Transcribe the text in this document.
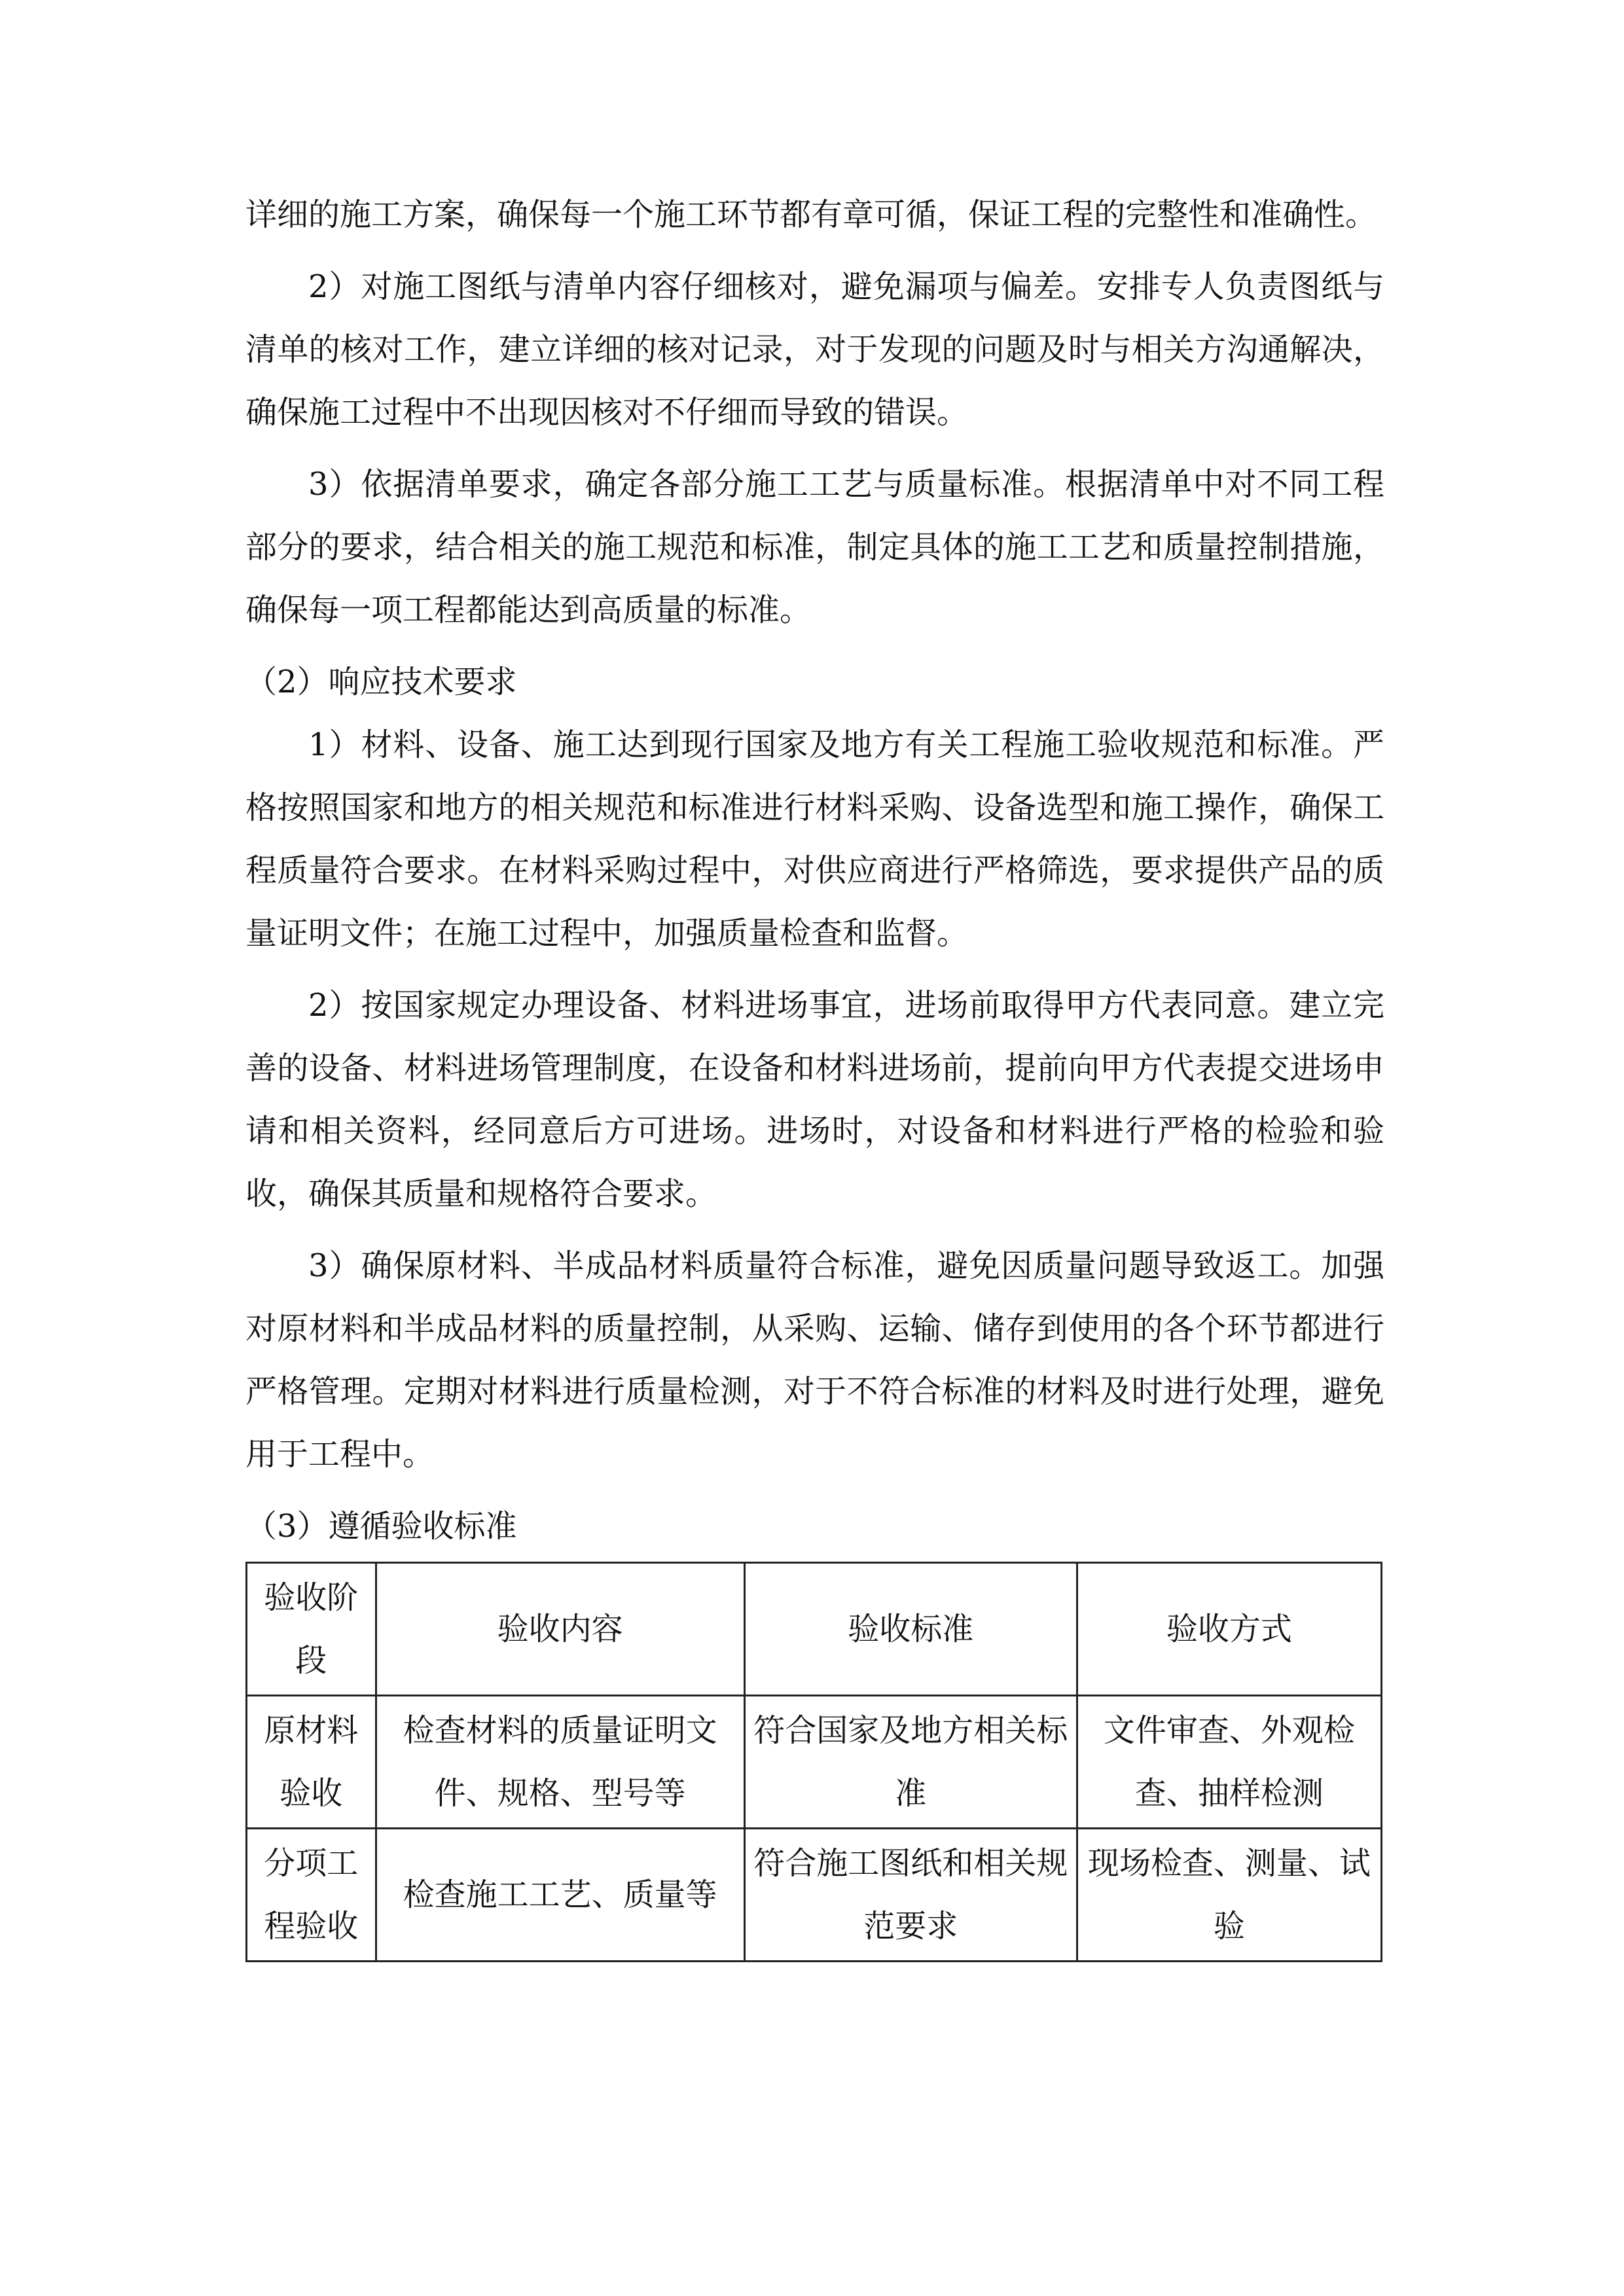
详细的施工方案，确保每一个施工环节都有章可循，保证工程的完整性和准确性。

2）对施工图纸与清单内容仔细核对，避免漏项与偏差。安排专人负责图纸与清单的核对工作，建立详细的核对记录，对于发现的问题及时与相关方沟通解决，确保施工过程中不出现因核对不仔细而导致的错误。

3）依据清单要求，确定各部分施工工艺与质量标准。根据清单中对不同工程部分的要求，结合相关的施工规范和标准，制定具体的施工工艺和质量控制措施，确保每一项工程都能达到高质量的标准。

（2）响应技术要求

1）材料、设备、施工达到现行国家及地方有关工程施工验收规范和标准。严格按照国家和地方的相关规范和标准进行材料采购、设备选型和施工操作，确保工程质量符合要求。在材料采购过程中，对供应商进行严格筛选，要求提供产品的质量证明文件；在施工过程中，加强质量检查和监督。

2）按国家规定办理设备、材料进场事宜，进场前取得甲方代表同意。建立完善的设备、材料进场管理制度，在设备和材料进场前，提前向甲方代表提交进场申请和相关资料，经同意后方可进场。进场时，对设备和材料进行严格的检验和验收，确保其质量和规格符合要求。

3）确保原材料、半成品材料质量符合标准，避免因质量问题导致返工。加强对原材料和半成品材料的质量控制，从采购、运输、储存到使用的各个环节都进行严格管理。定期对材料进行质量检测，对于不符合标准的材料及时进行处理，避免用于工程中。

（3）遵循验收标准

验收阶段	验收内容	验收标准	验收方式
原材料验收	检查材料的质量证明文件、规格、型号等	符合国家及地方相关标准	文件审查、外观检查、抽样检测
分项工程验收	检查施工工艺、质量等	符合施工图纸和相关规范要求	现场检查、测量、试验
